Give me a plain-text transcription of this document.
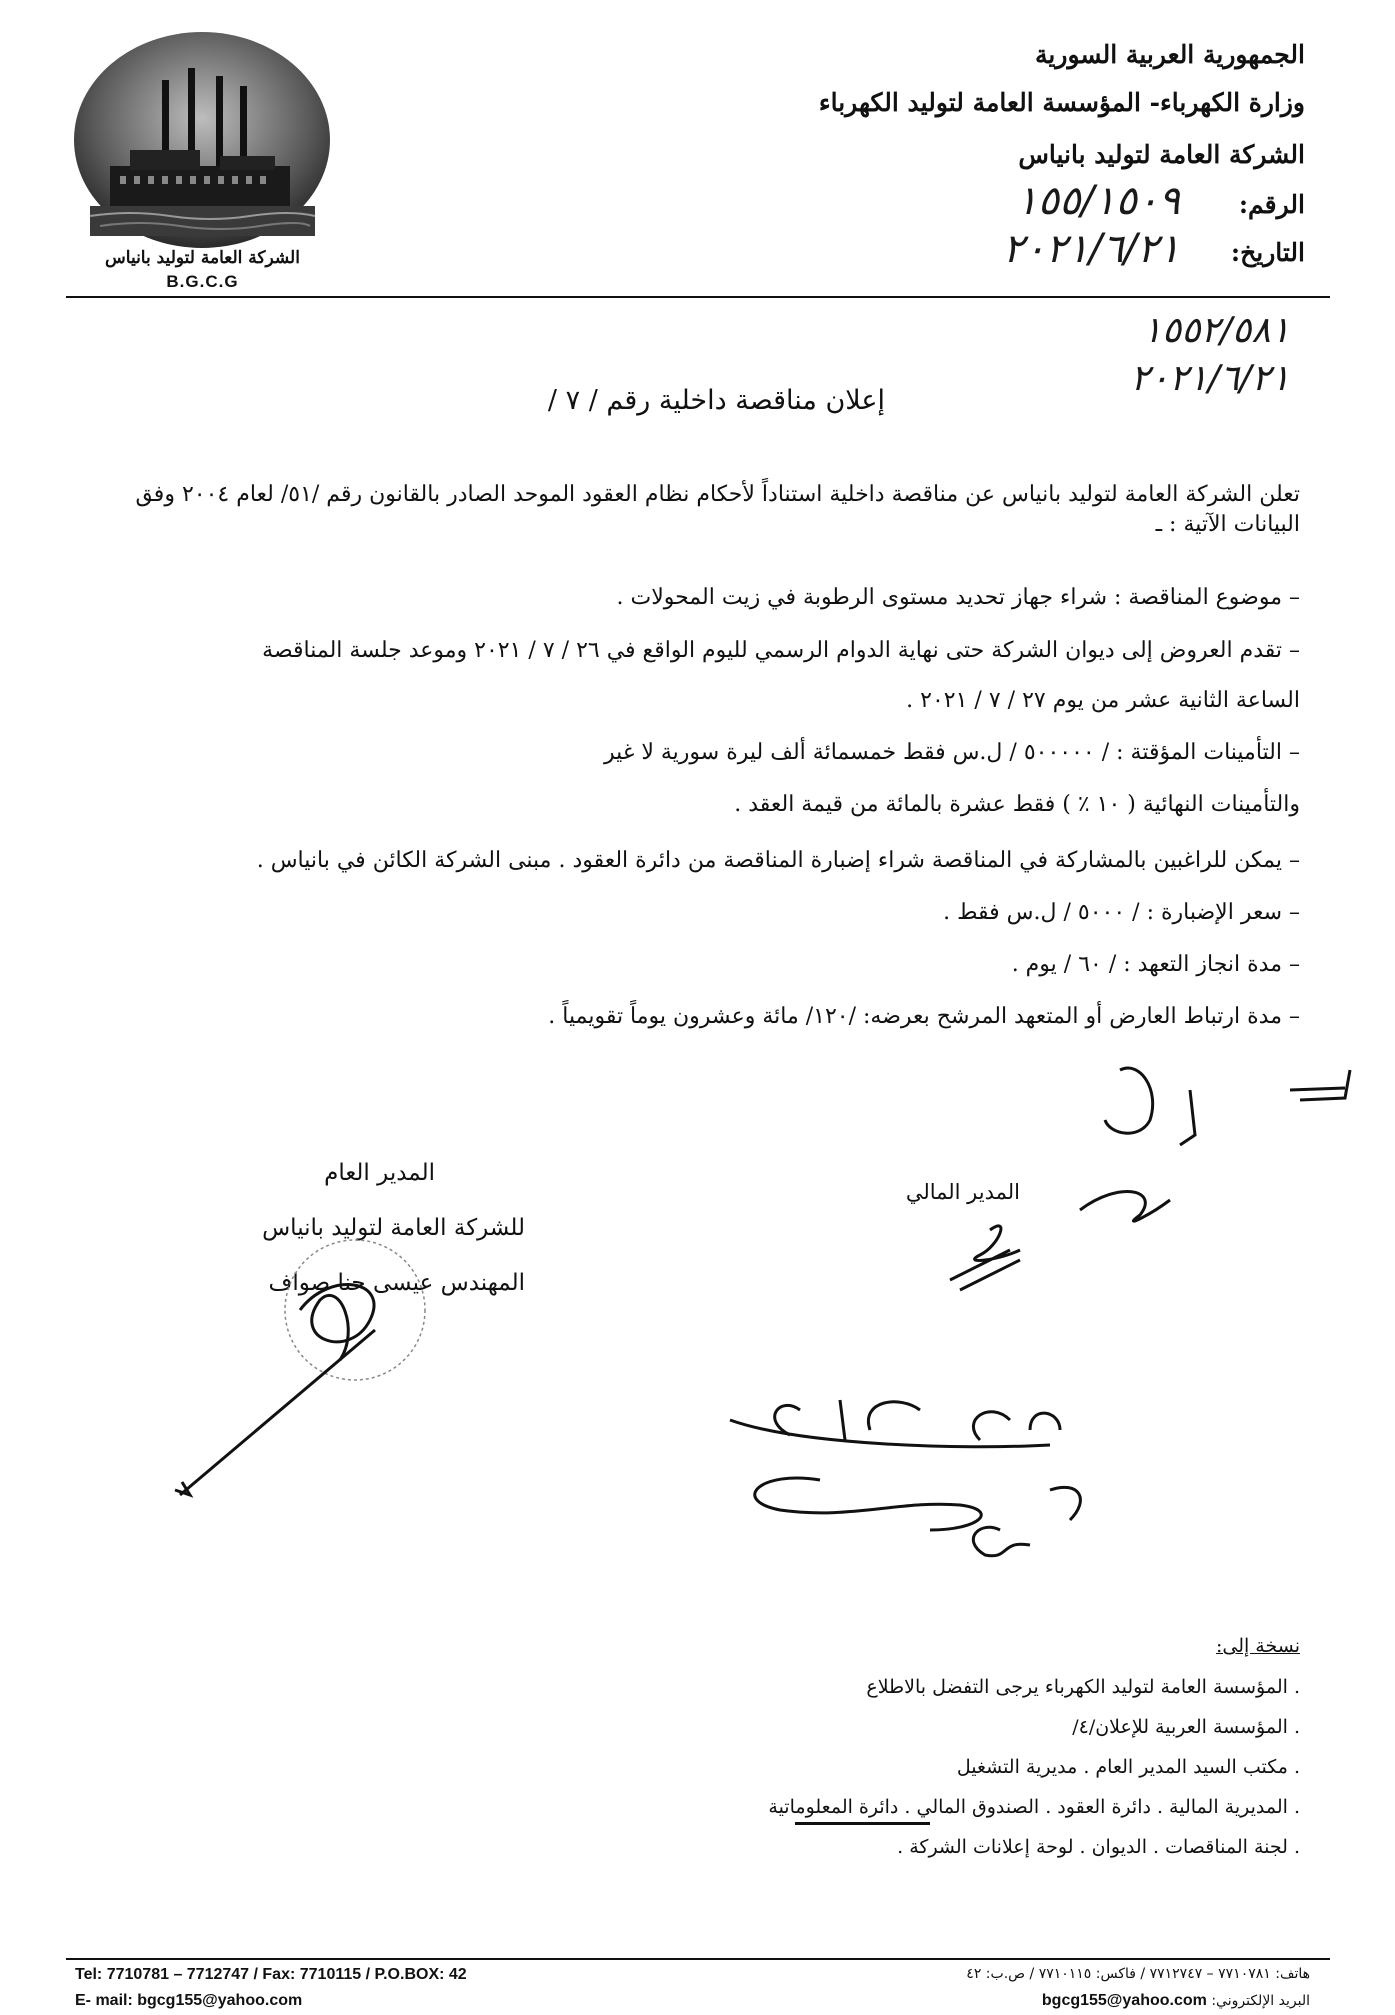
الشركة العامة لتوليد بانياس
B.G.C.G
الجمهورية العربية السورية
وزارة الكهرباء- المؤسسة العامة لتوليد الكهرباء
الشركة العامة لتوليد بانياس
الرقم:
١٥٥/١٥٠٩
التاريخ:
٢٠٢١/٦/٢١
١٥٥٢/٥٨١
٢٠٢١/٦/٢١
إعلان مناقصة داخلية رقم / ٧ /
تعلن الشركة العامة لتوليد بانياس عن مناقصة داخلية استناداً لأحكام نظام العقود الموحد الصادر بالقانون رقم /٥١/ لعام ٢٠٠٤ وفق البيانات الآتية : ـ
– موضوع المناقصة : شراء جهاز تحديد مستوى الرطوبة في زيت المحولات .
– تقدم العروض إلى ديوان الشركة حتى نهاية الدوام الرسمي لليوم الواقع في ٢٦ / ٧ / ٢٠٢١ وموعد جلسة المناقصة
الساعة الثانية عشر من يوم ٢٧ / ٧ / ٢٠٢١ .
– التأمينات المؤقتة : / ٥٠٠٠٠٠ / ل.س فقط خمسمائة ألف ليرة سورية لا غير
والتأمينات النهائية ( ١٠ ٪ ) فقط عشرة بالمائة من قيمة العقد .
– يمكن للراغبين بالمشاركة في المناقصة شراء إضبارة المناقصة من دائرة العقود . مبنى الشركة الكائن في بانياس .
– سعر الإضبارة : / ٥٠٠٠ / ل.س فقط .
– مدة انجاز التعهد : / ٦٠ / يوم .
– مدة ارتباط العارض أو المتعهد المرشح بعرضه: /١٢٠/ مائة وعشرون يوماً تقويمياً .
المدير العام
للشركة العامة لتوليد بانياس
المهندس عيسى حنا صواف
المدير المالي
نسخة إلى:
. المؤسسة العامة لتوليد الكهرباء يرجى التفضل بالاطلاع
. المؤسسة العربية للإعلان/٤/
. مكتب السيد المدير العام . مديرية التشغيل
. المديرية المالية . دائرة العقود . الصندوق المالي . دائرة المعلوماتية
. لجنة المناقصات . الديوان . لوحة إعلانات الشركة .
Tel: 7710781 – 7712747 / Fax: 7710115 / P.O.BOX: 42
E- mail: bgcg155@yahoo.com
هاتف: ٧٧١٠٧٨١ – ٧٧١٢٧٤٧ / فاكس: ٧٧١٠١١٥ / ص.ب: ٤٢
البريد الإلكتروني: bgcg155@yahoo.com
